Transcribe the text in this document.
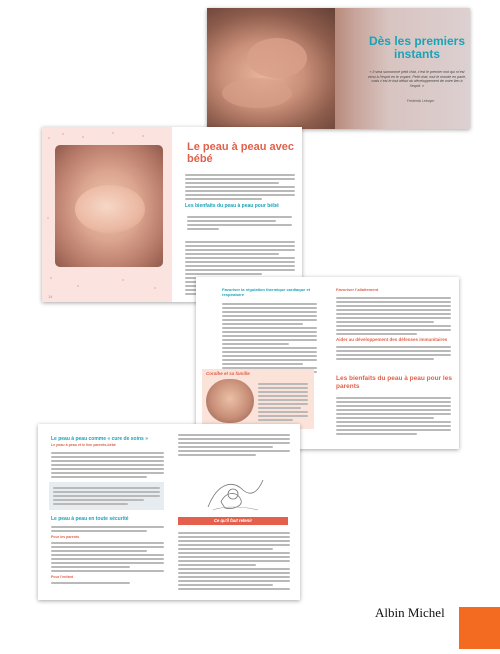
Dès les premiers instants
« Il sera surnommé petit chat, c’est le premier mot qui m’est venu à l’esprit en le voyant. Petit chat, tout le monde en parle, mais c’est le tout début du développement de votre lien à l’esprit. »
Frédérick Leboyer
14
Le peau à peau avec bébé
Les bienfaits du peau à peau pour bébé
Favoriser la régulation thermique cardiaque et respiratoire
Coralbe et sa famille
Favoriser l’allaitement
Aider au développement des défenses immunitaires
Les bienfaits du peau à peau pour les parents
Le peau à peau comme « cure de soins »
Le peau à peau et le lien parents-bébé
Le peau à peau en toute sécurité
Pour les parents
Pour l’enfant
Ce qu'il faut retenir
Albin Michel
